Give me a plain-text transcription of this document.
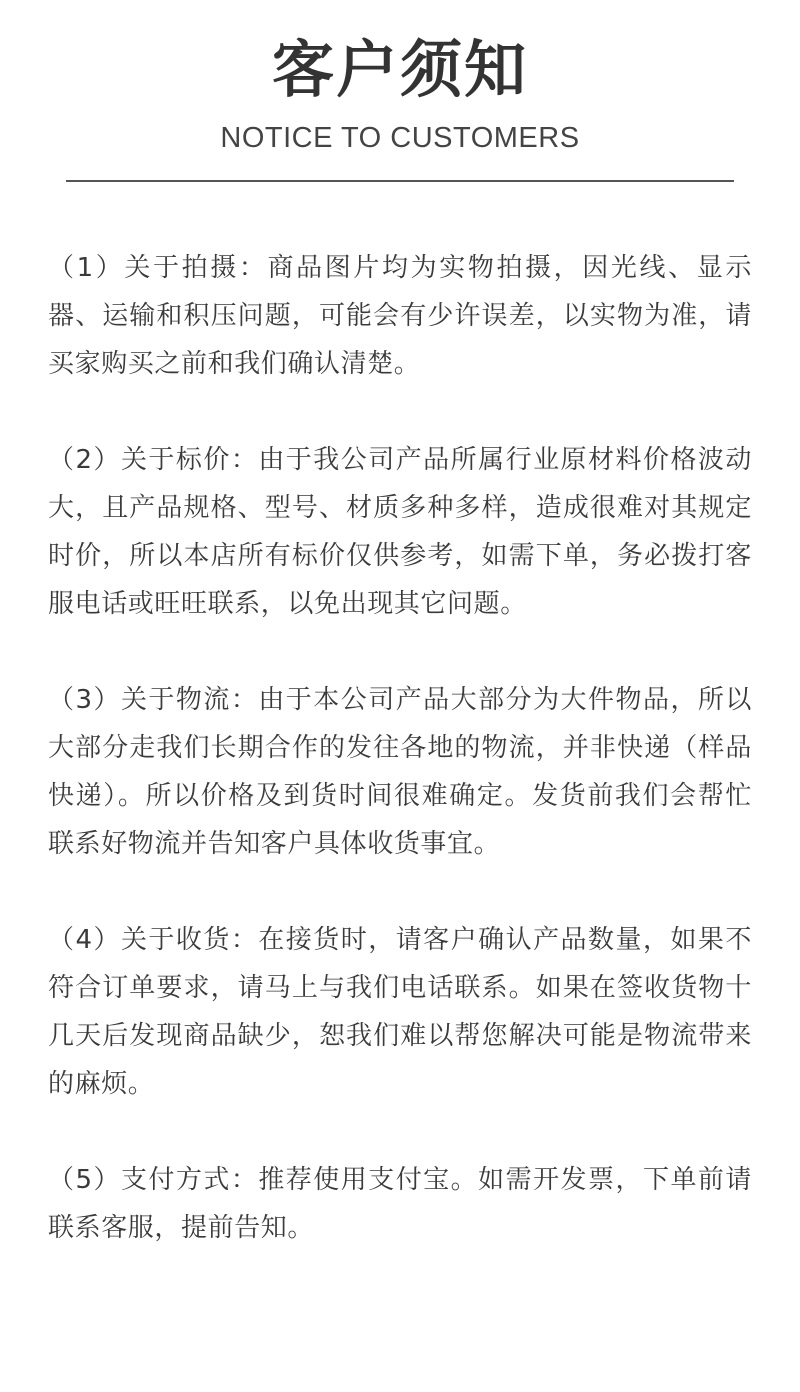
客户须知
NOTICE TO CUSTOMERS

（1）关于拍摄：商品图片均为实物拍摄，因光线、显示器、运输和积压问题，可能会有少许误差，以实物为准，请买家购买之前和我们确认清楚。

（2）关于标价：由于我公司产品所属行业原材料价格波动大，且产品规格、型号、材质多种多样，造成很难对其规定时价，所以本店所有标价仅供参考，如需下单，务必拨打客服电话或旺旺联系，以免出现其它问题。

（3）关于物流：由于本公司产品大部分为大件物品，所以大部分走我们长期合作的发往各地的物流，并非快递（样品快递）。所以价格及到货时间很难确定。发货前我们会帮忙联系好物流并告知客户具体收货事宜。

（4）关于收货：在接货时，请客户确认产品数量，如果不符合订单要求，请马上与我们电话联系。如果在签收货物十几天后发现商品缺少，恕我们难以帮您解决可能是物流带来的麻烦。

（5）支付方式：推荐使用支付宝。如需开发票，下单前请联系客服，提前告知。
